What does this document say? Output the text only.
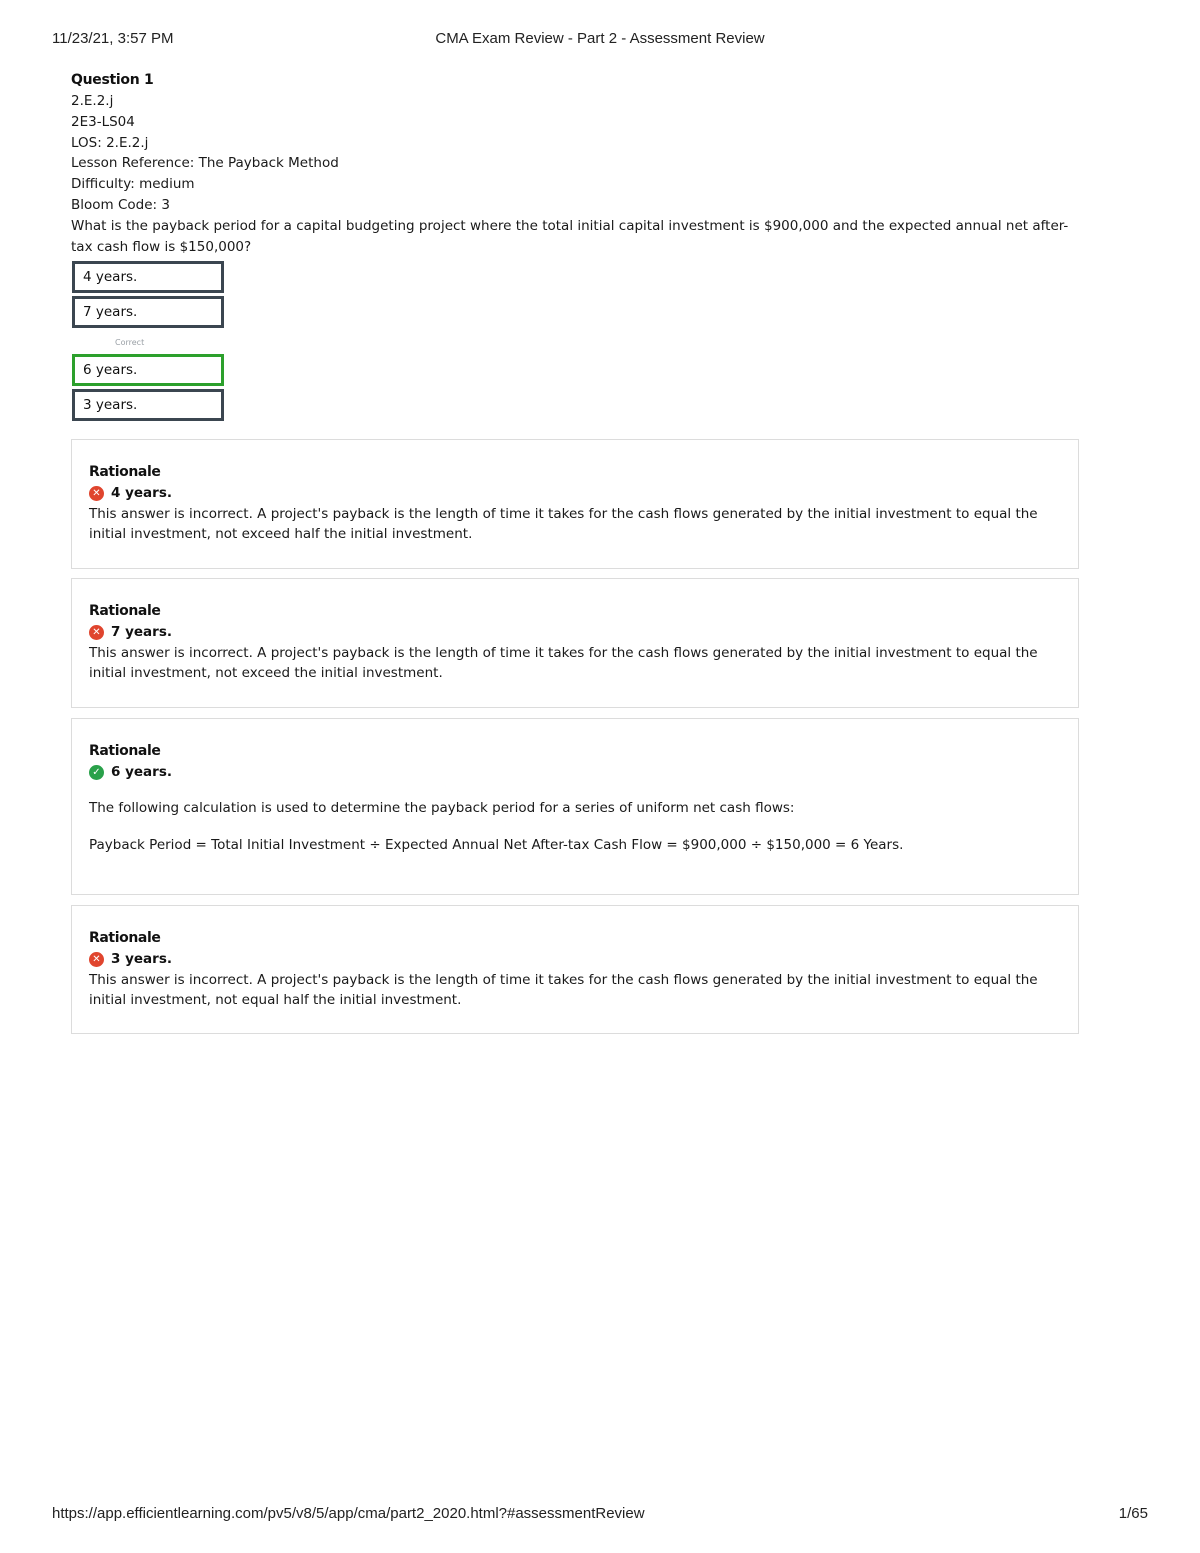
11/23/21, 3:57 PM	CMA Exam Review - Part 2 - Assessment Review
Question 1
2.E.2.j
2E3-LS04
LOS: 2.E.2.j
Lesson Reference: The Payback Method
Difficulty: medium
Bloom Code: 3
What is the payback period for a capital budgeting project where the total initial capital investment is $900,000 and the expected annual net after-tax cash flow is $150,000?
4 years.
7 years.
Correct
6 years.
3 years.
Rationale
✕ 4 years.
This answer is incorrect. A project's payback is the length of time it takes for the cash flows generated by the initial investment to equal the initial investment, not exceed half the initial investment.
Rationale
✕ 7 years.
This answer is incorrect. A project's payback is the length of time it takes for the cash flows generated by the initial investment to equal the initial investment, not exceed the initial investment.
Rationale
✓ 6 years.
The following calculation is used to determine the payback period for a series of uniform net cash flows:
Payback Period = Total Initial Investment ÷ Expected Annual Net After-tax Cash Flow = $900,000 ÷ $150,000 = 6 Years.
Rationale
✕ 3 years.
This answer is incorrect. A project's payback is the length of time it takes for the cash flows generated by the initial investment to equal the initial investment, not equal half the initial investment.
https://app.efficientlearning.com/pv5/v8/5/app/cma/part2_2020.html?#assessmentReview	1/65
